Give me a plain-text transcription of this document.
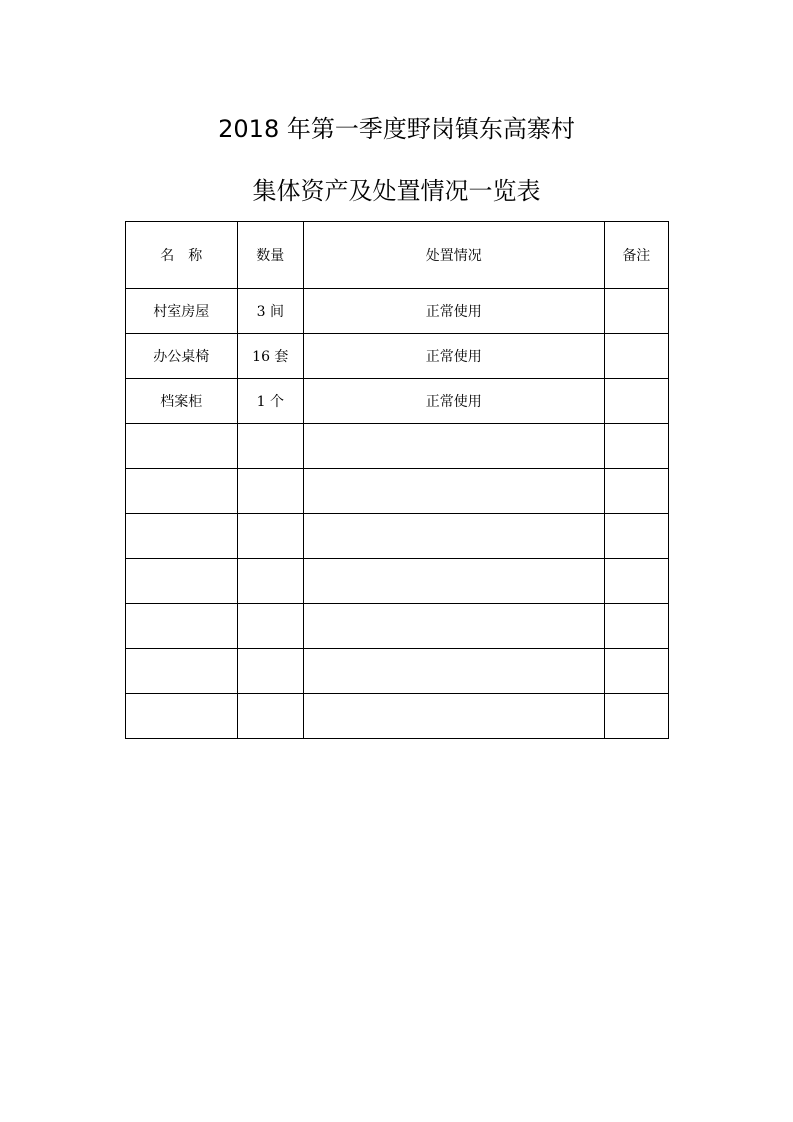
2018 年第一季度野岗镇东高寨村
集体资产及处置情况一览表
名　称	数量	处置情况	备注
村室房屋	3 间	正常使用	
办公桌椅	16 套	正常使用	
档案柜	1 个	正常使用	
